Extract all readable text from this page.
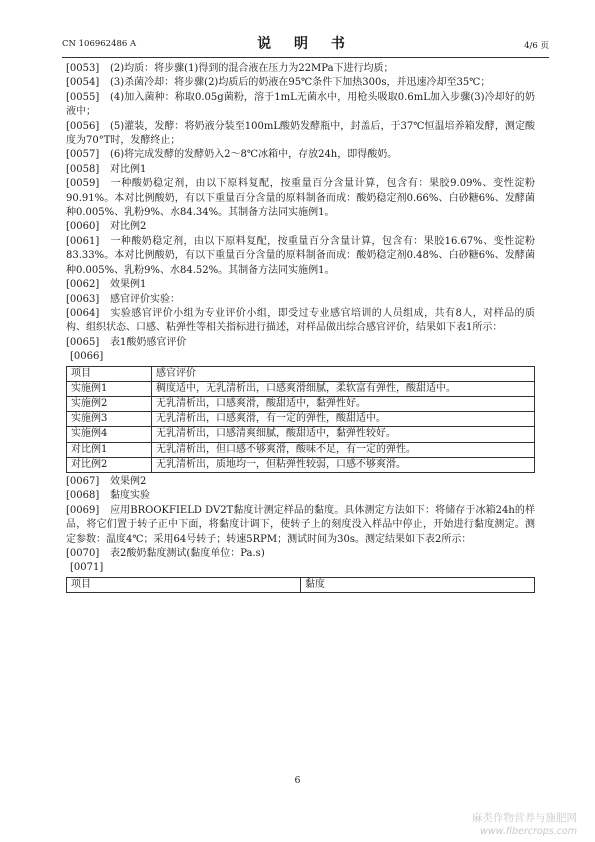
CN 106962486 A	说 明 书	4/6 页

[0053] (2)均质：将步骤(1)得到的混合液在压力为22MPa下进行均质；

[0054] (3)杀菌冷却：将步骤(2)均质后的奶液在95℃条件下加热300s，并迅速冷却至35℃；

[0055] (4)加入菌种：称取0.05g菌粉，溶于1mL无菌水中，用枪头吸取0.6mL加入步骤(3)冷却好的奶液中；

[0056] (5)灌装，发酵：将奶液分装至100mL酸奶发酵瓶中，封盖后，于37℃恒温培养箱发酵，测定酸度为70°T时，发酵终止；

[0057] (6)将完成发酵的发酵奶入2～8℃冰箱中，存放24h，即得酸奶。

[0058] 对比例1

[0059] 一种酸奶稳定剂，由以下原料复配，按重量百分含量计算，包含有：果胶9.09%、变性淀粉90.91%。本对比例酸奶，有以下重量百分含量的原料制备而成：酸奶稳定剂0.66%、白砂糖6%、发酵菌种0.005%、乳粉9%、水84.34%。其制备方法同实施例1。

[0060] 对比例2

[0061] 一种酸奶稳定剂，由以下原料复配，按重量百分含量计算，包含有：果胶16.67%、变性淀粉83.33%。本对比例酸奶，有以下重量百分含量的原料制备而成：酸奶稳定剂0.48%、白砂糖6%、发酵菌种0.005%、乳粉9%、水84.52%。其制备方法同实施例1。

[0062] 效果例1

[0063] 感官评价实验：

[0064] 实验感官评价小组为专业评价小组，即受过专业感官培训的人员组成，共有8人，对样品的质构、组织状态、口感、粘弹性等相关指标进行描述，对样品做出综合感官评价，结果如下表1所示：

[0065] 表1酸奶感官评价

[0066]

项目	感官评价
实施例1	稠度适中，无乳清析出，口感爽滑细腻，柔软富有弹性，酸甜适中。
实施例2	无乳清析出，口感爽滑，酸甜适中，黏弹性好。
实施例3	无乳清析出，口感爽滑，有一定的弹性，酸甜适中。
实施例4	无乳清析出，口感清爽细腻，酸甜适中，黏弹性较好。
对比例1	无乳清析出，但口感不够爽滑，酸味不足，有一定的弹性。
对比例2	无乳清析出，质地均一，但粘弹性较弱，口感不够爽滑。

[0067] 效果例2

[0068] 黏度实验

[0069] 应用BROOKFIELD DV2T黏度计测定样品的黏度。具体测定方法如下：将储存于冰箱24h的样品，将它们置于转子正中下面，将黏度计调下，使转子上的刻度没入样品中停止，开始进行黏度测定。测定参数：温度4℃；采用64号转子；转速5RPM；测试时间为30s。测定结果如下表2所示：

[0070] 表2酸奶黏度测试(黏度单位：Pa.s)

[0071]

项目	黏度
6
麻类作物营养与施肥网
www.fibercrops.com
